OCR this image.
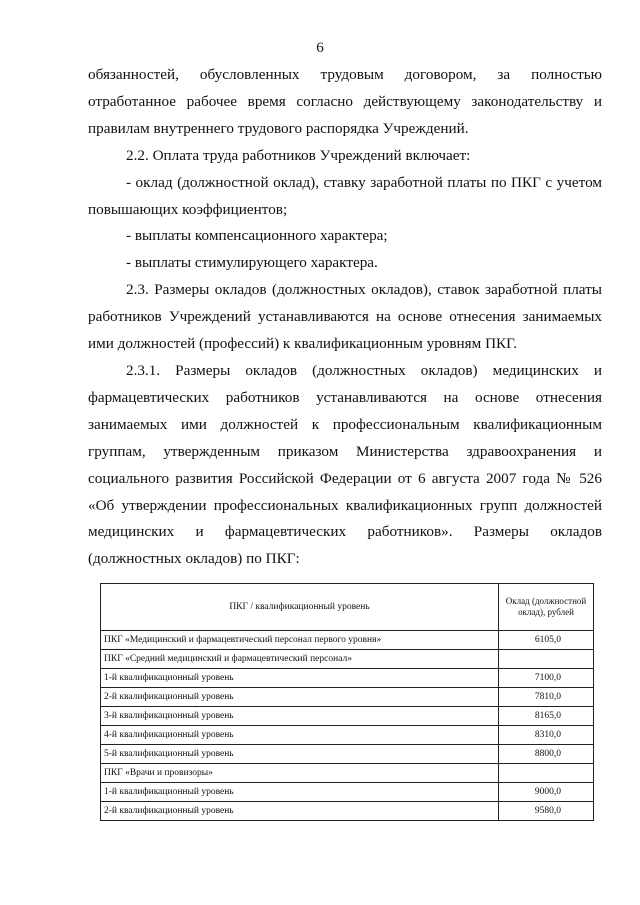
6

обязанностей, обусловленных трудовым договором, за полностью
отработанное рабочее время согласно действующему законодательству и
правилам внутреннего трудового распорядка Учреждений.

2.2. Оплата труда работников Учреждений включает:

- оклад (должностной оклад), ставку заработной платы по ПКГ с учетом
повышающих коэффициентов;

- выплаты компенсационного характера;

- выплаты стимулирующего характера.

2.3. Размеры окладов (должностных окладов), ставок заработной платы
работников Учреждений устанавливаются на основе отнесения занимаемых
ими должностей (профессий) к квалификационным уровням ПКГ.

2.3.1. Размеры окладов (должностных окладов) медицинских и
фармацевтических работников устанавливаются на основе отнесения
занимаемых ими должностей к профессиональным квалификационным
группам, утвержденным приказом Министерства здравоохранения и
социального развития Российской Федерации от 6 августа 2007 года № 526
«Об утверждении профессиональных квалификационных групп должностей
медицинских и фармацевтических работников». Размеры окладов
(должностных окладов) по ПКГ:

ПКГ / квалификационный уровень	Оклад (должностной оклад), рублей
ПКГ «Медицинский и фармацевтический персонал первого уровня»	6105,0
ПКГ «Средний медицинский и фармацевтический персонал»	
1-й квалификационный уровень	7100,0
2-й квалификационный уровень	7810,0
3-й квалификационный уровень	8165,0
4-й квалификационный уровень	8310,0
5-й квалификационный уровень	8800,0
ПКГ «Врачи и провизоры»	
1-й квалификационный уровень	9000,0
2-й квалификационный уровень	9580,0
